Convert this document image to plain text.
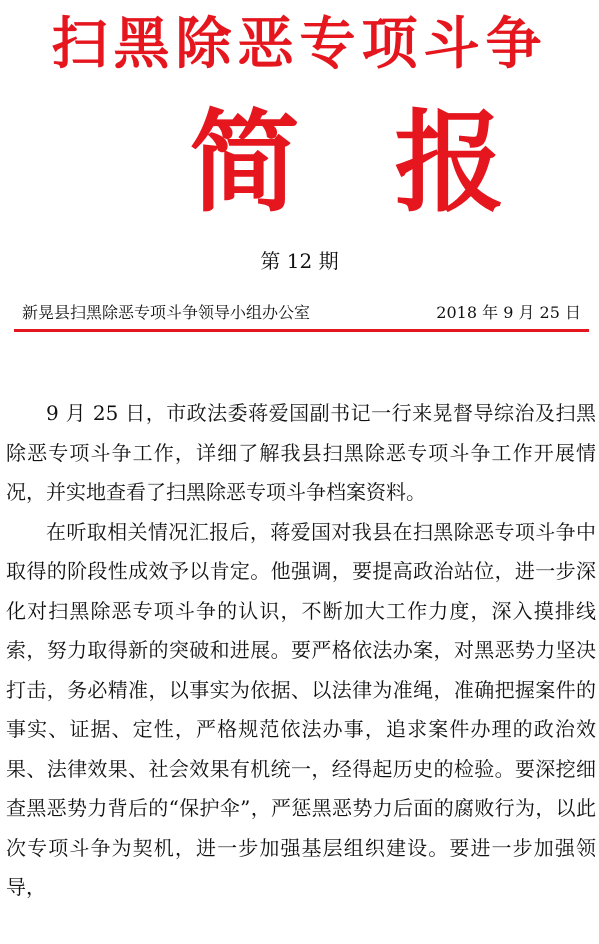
扫黑除恶专项斗争
简报
第 12 期
新晃县扫黑除恶专项斗争领导小组办公室	2018 年 9 月 25 日

9 月 25 日，市政法委蒋爱国副书记一行来晃督导综治及扫黑除恶专项斗争工作，详细了解我县扫黑除恶专项斗争工作开展情况，并实地查看了扫黑除恶专项斗争档案资料。

在听取相关情况汇报后，蒋爱国对我县在扫黑除恶专项斗争中取得的阶段性成效予以肯定。他强调，要提高政治站位，进一步深化对扫黑除恶专项斗争的认识，不断加大工作力度，深入摸排线索，努力取得新的突破和进展。要严格依法办案，对黑恶势力坚决打击，务必精准，以事实为依据、以法律为准绳，准确把握案件的事实、证据、定性，严格规范依法办事，追求案件办理的政治效果、法律效果、社会效果有机统一，经得起历史的检验。要深挖细查黑恶势力背后的“保护伞”，严惩黑恶势力后面的腐败行为，以此次专项斗争为契机，进一步加强基层组织建设。要进一步加强领导，
